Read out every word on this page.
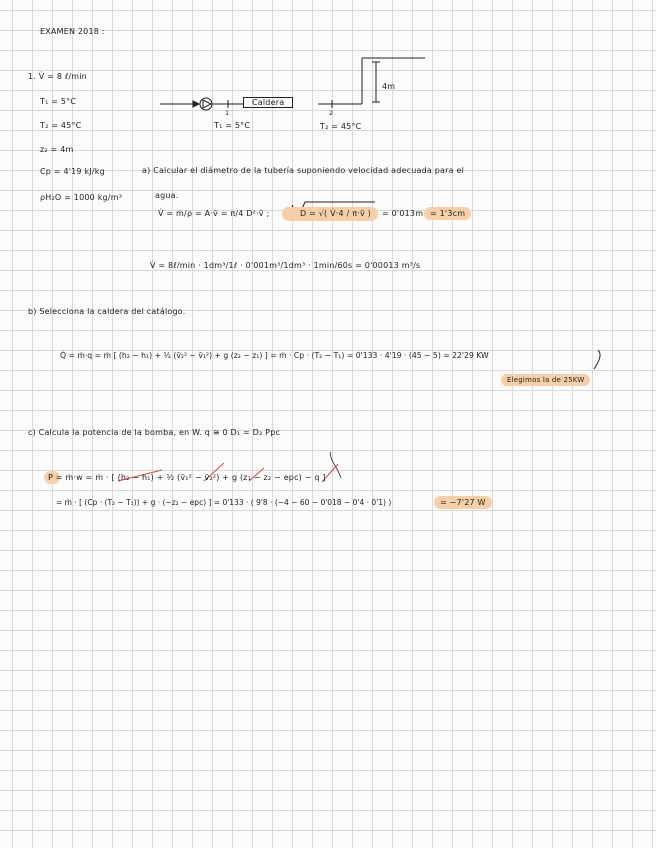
EXAMEN 2018 :
1. V̇ = 8 ℓ/min
T₁ = 5°C
T₂ = 45°C
z₂ = 4m
Cp = 4'19 kJ/kg
ρH₂O = 1000 kg/m³
Caldera
4m
1	2
T₁ = 5°C	T₂ = 45°C
a) Calcular el diámetro de la tubería suponiendo velocidad adecuada para el
agua.
V̇ = ṁ/ρ = A·v̄ = π/4 D²·v̄ ;	D = √( V̇·4 / π·v̄ ) = 0'013m = 1'3cm
V̇ = 8ℓ/min · 1dm³/1ℓ · 0'001m³/1dm³ · 1min/60s = 0'00013 m³/s
b) Selecciona la caldera del catálogo.
Q̇ = ṁ·q = ṁ [ (h₂ − h₁) + ½ (v̄₂² − v̄₁²) + g (z₂ − z₁) ] = ṁ · Cp · (T₂ − T₁) = 0'133 · 4'19 · (45 − 5) = 22'29 KW
Elegimos la de 25KW
c) Calcula la potencia de la bomba, en W. q ≅ 0 D₁ = D₂ Ppc
P = ṁ·w = ṁ · [ (h₂ − h₁) + ½ (v̄₁² − v̄₂²) + g (z₁ − z₂ − epc) − q ]
= ṁ · [ (Cp · (T₂ − T₁)) + g · (−z₂ − epc) ] = 0'133 · ( 9'8 · (−4 − 60 − 0'018 − 0'4 · 0'1) )	= −7'27 W
